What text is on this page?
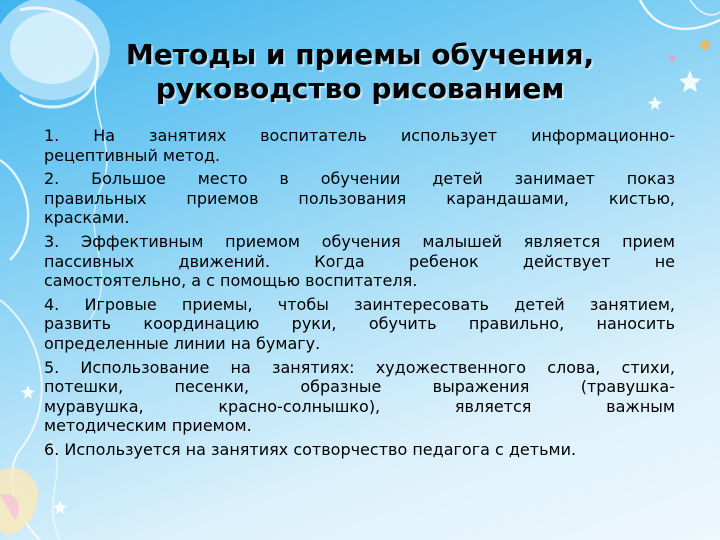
Методы и приемы обучения,
руководство рисованием
1. На занятиях воспитатель использует информационно-
рецептивный метод.
2. Большое место в обучении детей занимает показ
правильных приемов пользования карандашами, кистью,
красками.
3. Эффективным приемом обучения малышей является прием
пассивных движений. Когда ребенок действует не
самостоятельно, а с помощью воспитателя.
4. Игровые приемы, чтобы заинтересовать детей занятием,
развить координацию руки, обучить правильно, наносить
определенные линии на бумагу.
5. Использование на занятиях: художественного слова, стихи,
потешки, песенки, образные выражения (травушка-
муравушка, красно-солнышко), является важным
методическим приемом.
6. Используется на занятиях сотворчество педагога с детьми.
